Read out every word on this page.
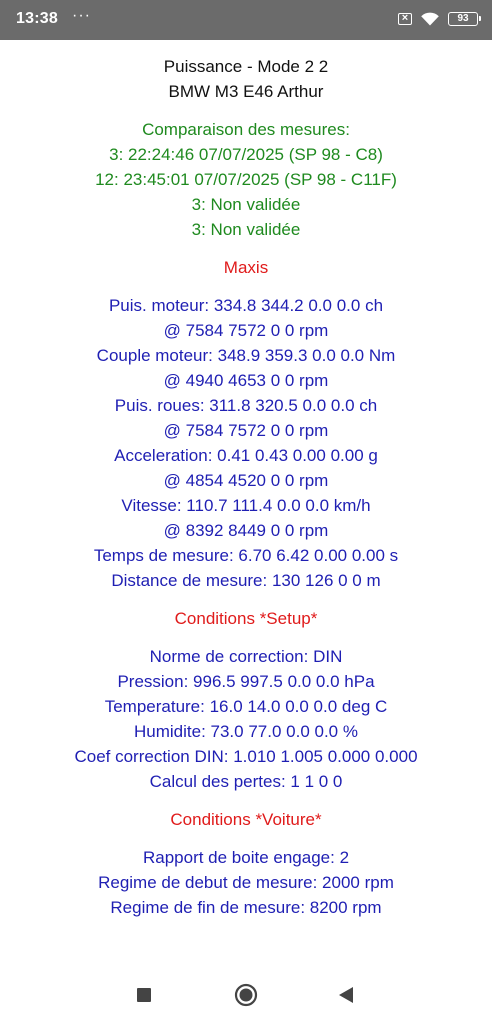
13:38 ···	×	93
Puissance - Mode 2 2
BMW M3 E46 Arthur
Comparaison des mesures:
3: 22:24:46 07/07/2025 (SP 98 - C8)
12: 23:45:01 07/07/2025 (SP 98 - C11F)
3: Non validée
3: Non validée
Maxis
Puis. moteur: 334.8 344.2 0.0 0.0 ch
@ 7584 7572 0 0 rpm
Couple moteur: 348.9 359.3 0.0 0.0 Nm
@ 4940 4653 0 0 rpm
Puis. roues: 311.8 320.5 0.0 0.0 ch
@ 7584 7572 0 0 rpm
Acceleration: 0.41 0.43 0.00 0.00 g
@ 4854 4520 0 0 rpm
Vitesse: 110.7 111.4 0.0 0.0 km/h
@ 8392 8449 0 0 rpm
Temps de mesure: 6.70 6.42 0.00 0.00 s
Distance de mesure: 130 126 0 0 m
Conditions *Setup*
Norme de correction: DIN
Pression: 996.5 997.5 0.0 0.0 hPa
Temperature: 16.0 14.0 0.0 0.0 deg C
Humidite: 73.0 77.0 0.0 0.0 %
Coef correction DIN: 1.010 1.005 0.000 0.000
Calcul des pertes: 1 1 0 0
Conditions *Voiture*
Rapport de boite engage: 2
Regime de debut de mesure: 2000 rpm
Regime de fin de mesure: 8200 rpm
